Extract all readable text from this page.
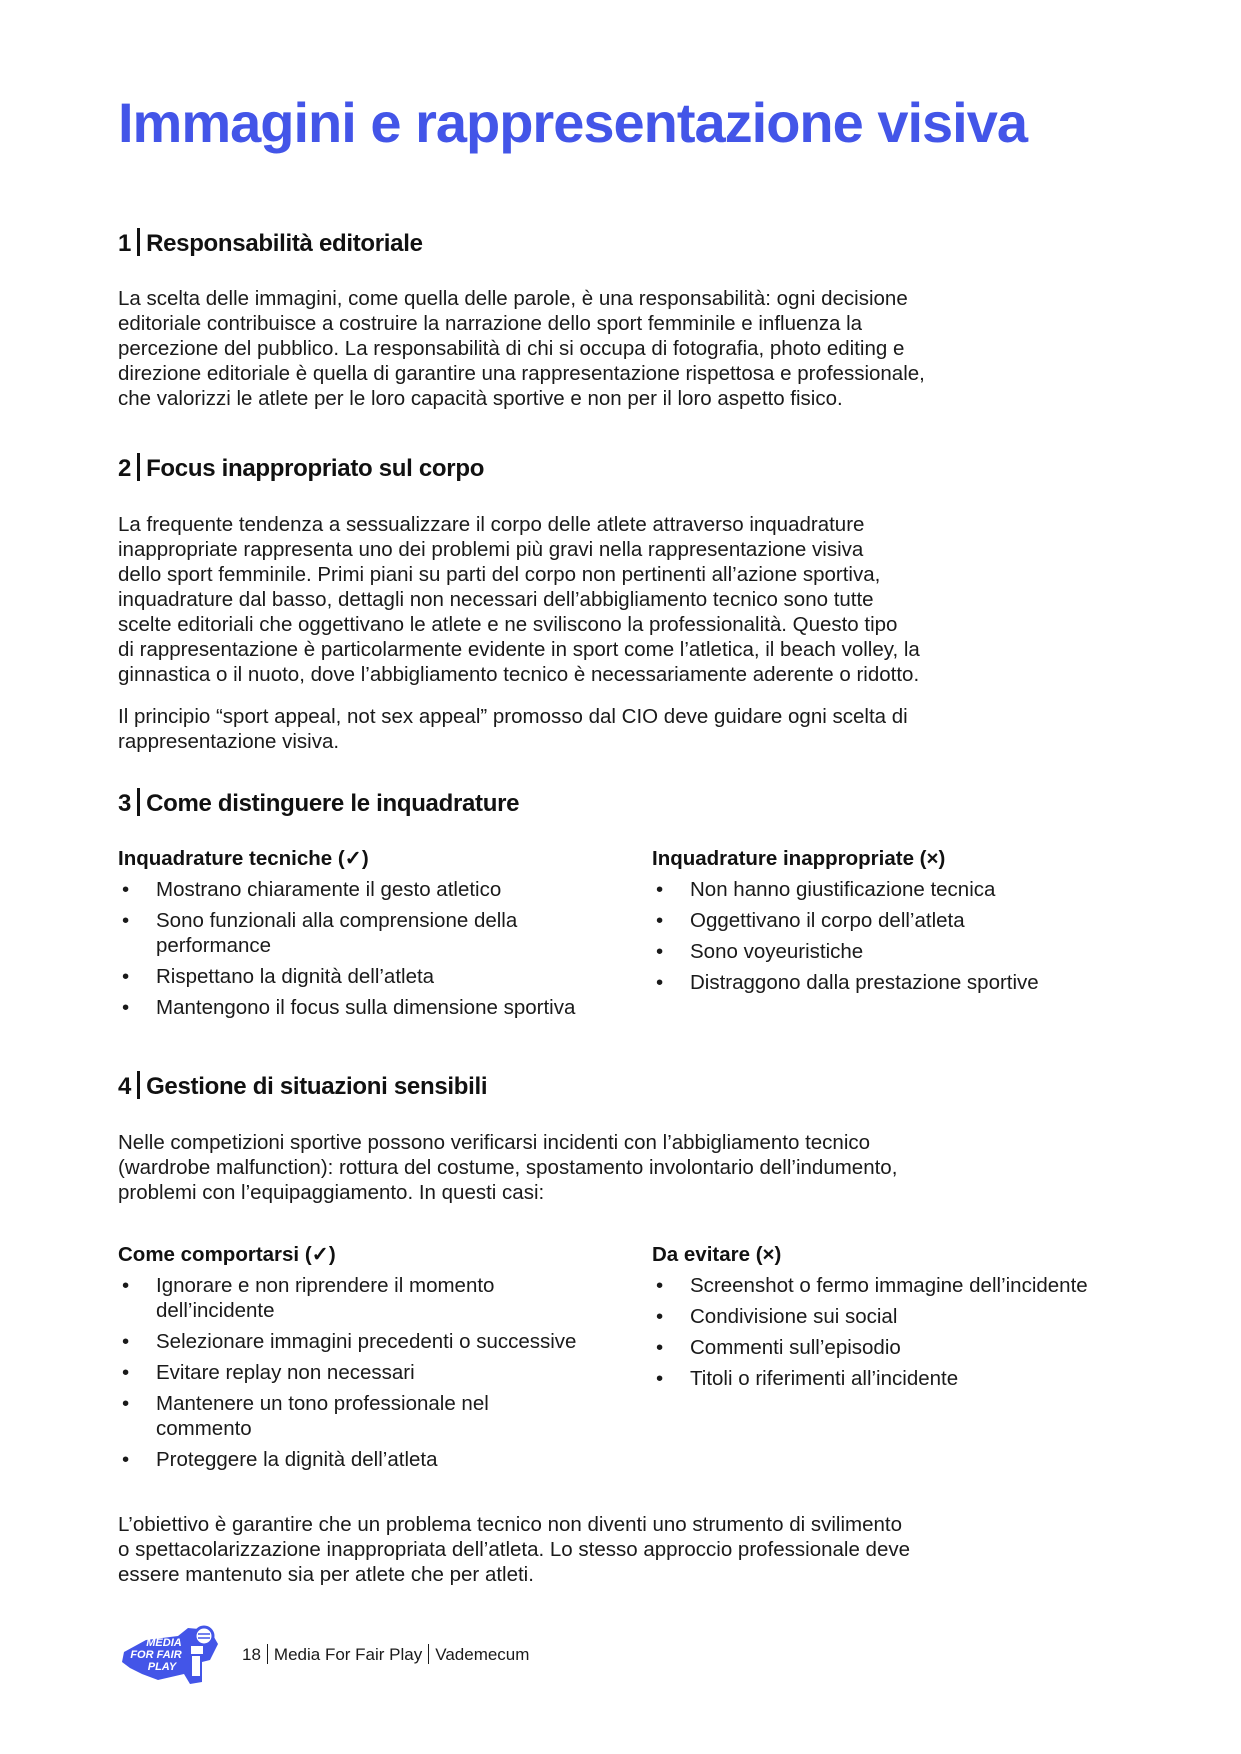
Immagini e rappresentazione visiva
1 Responsabilità editoriale

La scelta delle immagini, come quella delle parole, è una responsabilità: ogni decisione
editoriale contribuisce a costruire la narrazione dello sport femminile e influenza la
percezione del pubblico. La responsabilità di chi si occupa di fotografia, photo editing e
direzione editoriale è quella di garantire una rappresentazione rispettosa e professionale,
che valorizzi le atlete per le loro capacità sportive e non per il loro aspetto fisico.

2 Focus inappropriato sul corpo

La frequente tendenza a sessualizzare il corpo delle atlete attraverso inquadrature
inappropriate rappresenta uno dei problemi più gravi nella rappresentazione visiva
dello sport femminile. Primi piani su parti del corpo non pertinenti all’azione sportiva,
inquadrature dal basso, dettagli non necessari dell’abbigliamento tecnico sono tutte
scelte editoriali che oggettivano le atlete e ne sviliscono la professionalità. Questo tipo
di rappresentazione è particolarmente evidente in sport come l’atletica, il beach volley, la
ginnastica o il nuoto, dove l’abbigliamento tecnico è necessariamente aderente o ridotto.

Il principio “sport appeal, not sex appeal” promosso dal CIO deve guidare ogni scelta di
rappresentazione visiva.

3 Come distinguere le inquadrature

Inquadrature tecniche (✓)

• Mostrano chiaramente il gesto atletico
• Sono funzionali alla comprensione della
performance
• Rispettano la dignità dell’atleta
• Mantengono il focus sulla dimensione sportiva

Inquadrature inappropriate (×)

• Non hanno giustificazione tecnica
• Oggettivano il corpo dell’atleta
• Sono voyeuristiche
• Distraggono dalla prestazione sportive
4 Gestione di situazioni sensibili

Nelle competizioni sportive possono verificarsi incidenti con l’abbigliamento tecnico
(wardrobe malfunction): rottura del costume, spostamento involontario dell’indumento,
problemi con l’equipaggiamento. In questi casi:

Come comportarsi (✓)

• Ignorare e non riprendere il momento
dell’incidente
• Selezionare immagini precedenti o successive
• Evitare replay non necessari
• Mantenere un tono professionale nel
commento
• Proteggere la dignità dell’atleta

Da evitare (×)

• Screenshot o fermo immagine dell’incidente
• Condivisione sui social
• Commenti sull’episodio
• Titoli o riferimenti all’incidente

L’obiettivo è garantire che un problema tecnico non diventi uno strumento di svilimento
o spettacolarizzazione inappropriata dell’atleta. Lo stesso approccio professionale deve
essere mantenuto sia per atlete che per atleti.

MEDIA
FOR FAIR
PLAY
18 Media For Fair Play Vademecum
